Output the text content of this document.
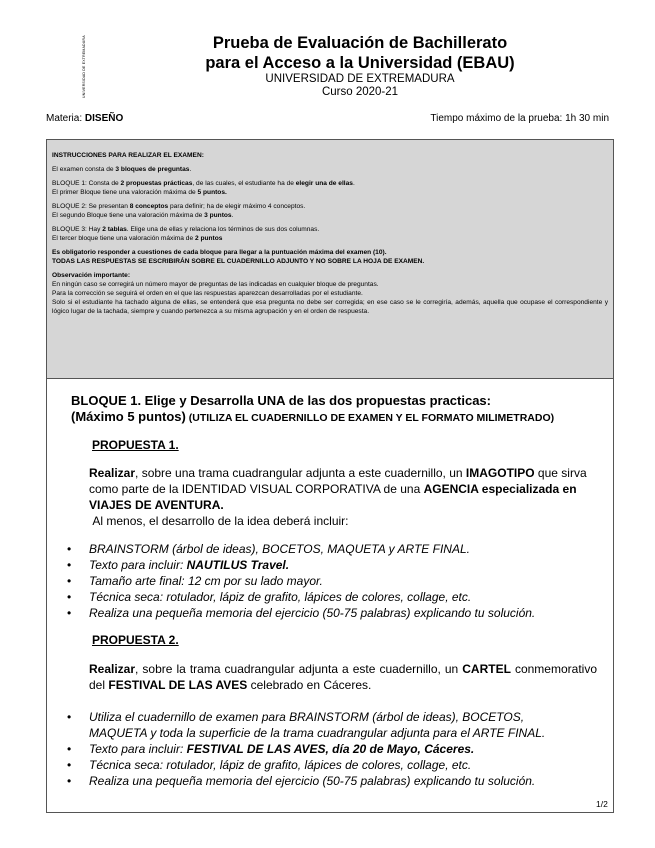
UNIVERSIDAD DE EXTREMADURA	Prueba de Evaluación de Bachillerato
para el Acceso a la Universidad (EBAU)
UNIVERSIDAD DE EXTREMADURA
Curso 2020-21
Materia: DISEÑO	Tiempo máximo de la prueba: 1h 30 min

INSTRUCCIONES PARA REALIZAR EL EXAMEN:

El examen consta de 3 bloques de preguntas.

BLOQUE 1: Consta de 2 propuestas prácticas, de las cuales, el estudiante ha de elegir una de ellas.
El primer Bloque tiene una valoración máxima de 5 puntos.

BLOQUE 2: Se presentan 8 conceptos para definir; ha de elegir máximo 4 conceptos.
El segundo Bloque tiene una valoración máxima de 3 puntos.

BLOQUE 3: Hay 2 tablas. Elige una de ellas y relaciona los términos de sus dos columnas.
El tercer bloque tiene una valoración máxima de 2 puntos

Es obligatorio responder a cuestiones de cada bloque para llegar a la puntuación máxima del examen (10).
TODAS LAS RESPUESTAS SE ESCRIBIRÁN SOBRE EL CUADERNILLO ADJUNTO Y NO SOBRE LA HOJA DE EXAMEN.

Observación importante:
En ningún caso se corregirá un número mayor de preguntas de las indicadas en cualquier bloque de preguntas.
Para la corrección se seguirá el orden en el que las respuestas aparezcan desarrolladas por el estudiante.
Solo si el estudiante ha tachado alguna de ellas, se entenderá que esa pregunta no debe ser corregida; en ese caso se le corregiría, además, aquella que ocupase el correspondiente y lógico lugar de la tachada, siempre y cuando pertenezca a su misma agrupación y en el orden de respuesta.

BLOQUE 1. Elige y Desarrolla UNA de las dos propuestas practicas:
(Máximo 5 puntos) (UTILIZA EL CUADERNILLO DE EXAMEN Y EL FORMATO MILIMETRADO)
PROPUESTA 1.
Realizar, sobre una trama cuadrangular adjunta a este cuadernillo, un IMAGOTIPO que sirva como parte de la IDENTIDAD VISUAL CORPORATIVA de una AGENCIA especializada en VIAJES DE AVENTURA.
Al menos, el desarrollo de la idea deberá incluir:
• BRAINSTORM (árbol de ideas), BOCETOS, MAQUETA y ARTE FINAL.
• Texto para incluir: NAUTILUS Travel.
• Tamaño arte final: 12 cm por su lado mayor.
• Técnica seca: rotulador, lápiz de grafito, lápices de colores, collage, etc.
• Realiza una pequeña memoria del ejercicio (50-75 palabras) explicando tu solución.
PROPUESTA 2.
Realizar, sobre la trama cuadrangular adjunta a este cuadernillo, un CARTEL conmemorativo del FESTIVAL DE LAS AVES celebrado en Cáceres.
• Utiliza el cuadernillo de examen para BRAINSTORM (árbol de ideas), BOCETOS, MAQUETA y toda la superficie de la trama cuadrangular adjunta para el ARTE FINAL.
• Texto para incluir: FESTIVAL DE LAS AVES, día 20 de Mayo, Cáceres.
• Técnica seca: rotulador, lápiz de grafito, lápices de colores, collage, etc.
• Realiza una pequeña memoria del ejercicio (50-75 palabras) explicando tu solución.
1/2
